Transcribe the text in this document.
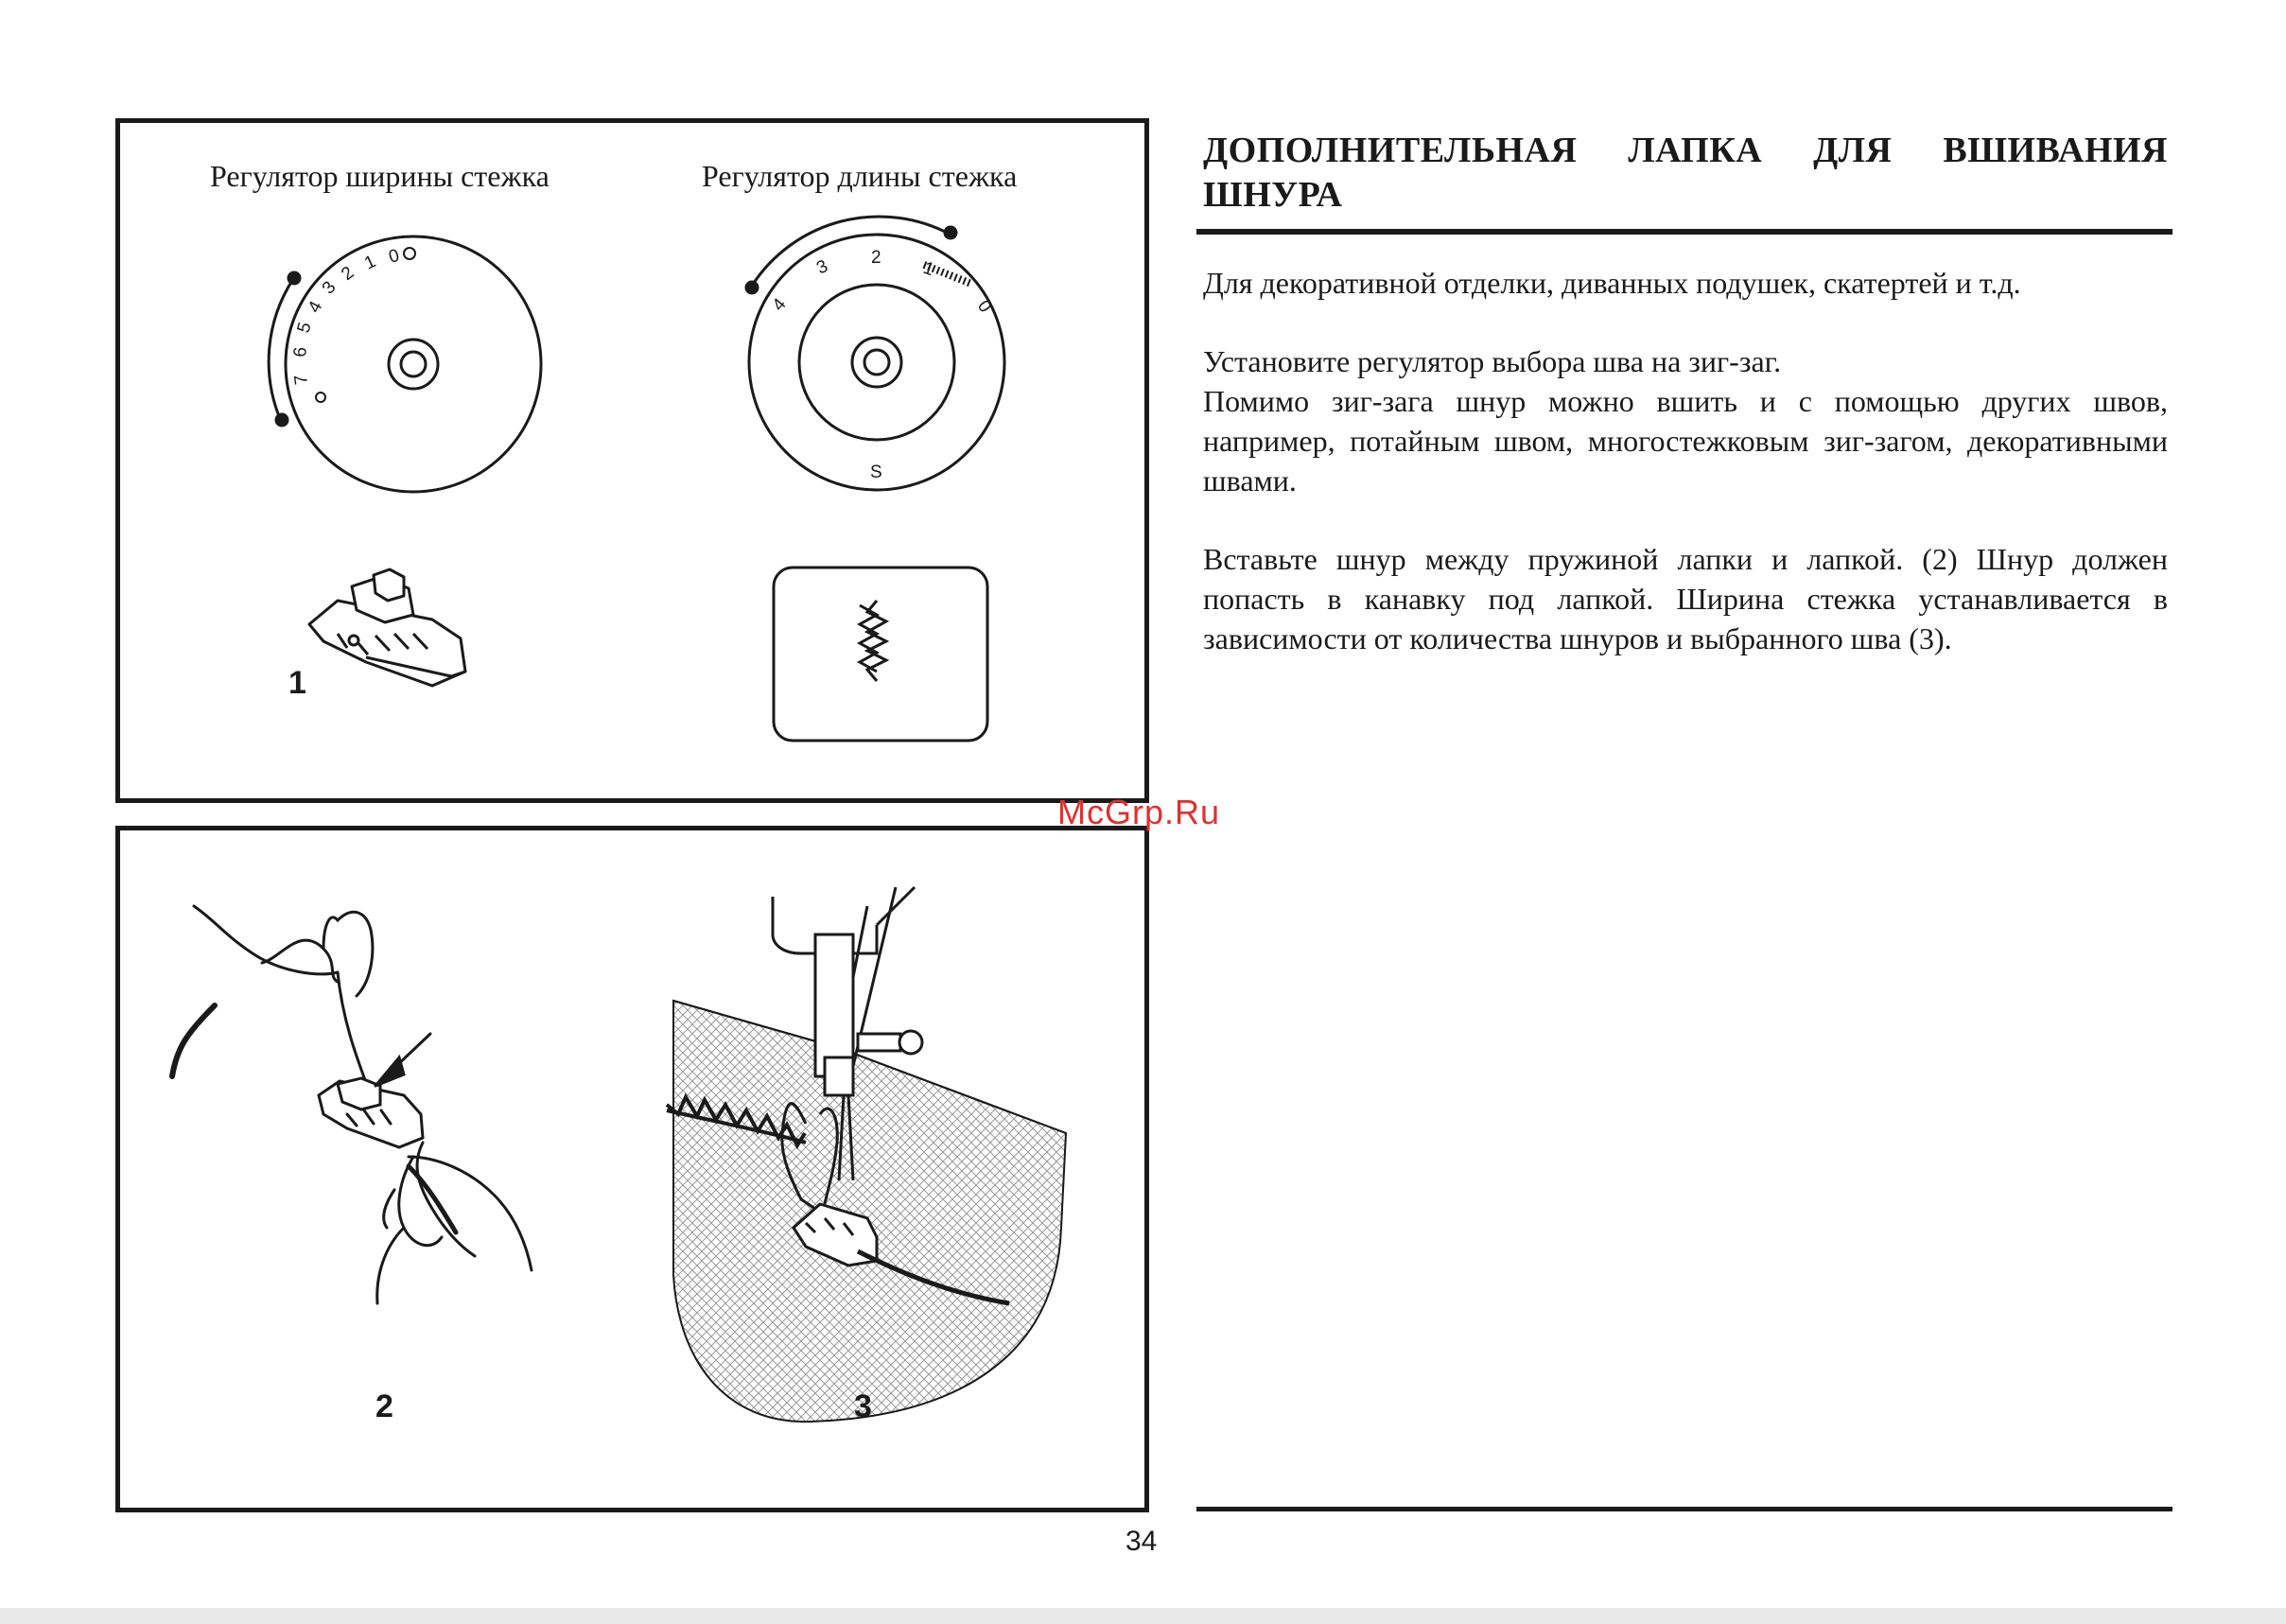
Регулятор ширины стежка	Регулятор длины стежка
0
1
2
3
4
5
6
7
4
3 2
1
0
S
1
2	3
ДОПОЛНИТЕЛЬНАЯ ЛАПКА ДЛЯ ВШИВАНИЯ ШНУРА
Для декоративной отделки, диванных подушек, скатертей и т.д.
Установите регулятор выбора шва на зиг-заг.
Помимо зиг-зага шнур можно вшить и с помощью других швов, например, потайным швом, многостежковым зиг-загом, декоративными швами.
Вставьте шнур между пружиной лапки и лапкой. (2) Шнур должен попасть в канавку под лапкой. Ширина стежка устанавливается в зависимости от количества шнуров и выбранного шва (3).
McGrp.Ru
34
